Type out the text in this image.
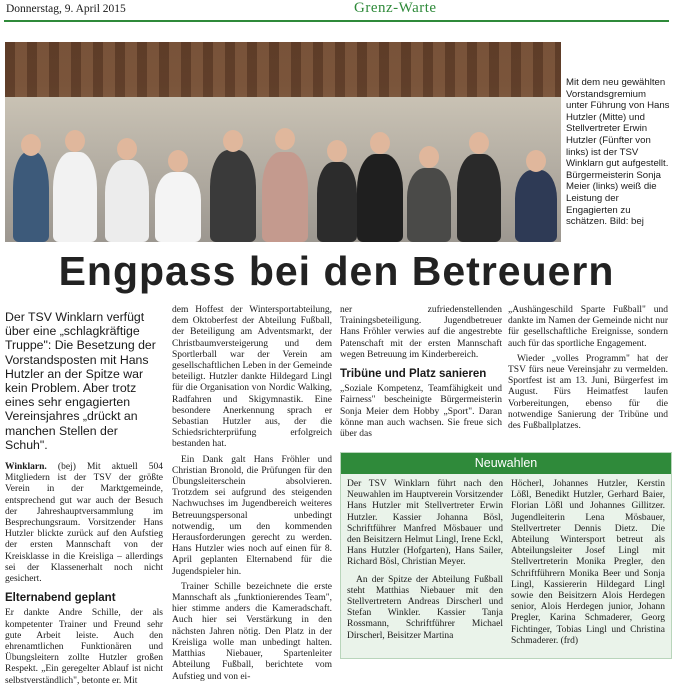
Donnerstag, 9. April 2015	Grenz-Warte
Mit dem neu gewählten Vorstandsgremium unter Führung von Hans Hutzler (Mitte) und Stellvertreter Erwin Hutzler (Fünfter von links) ist der TSV Winklarn gut aufgestellt. Bürgermeisterin Sonja Meier (links) weiß die Leistung der Engagierten zu schätzen. Bild: bej
Engpass bei den Betreuern

Der TSV Winklarn verfügt über eine „schlagkräftige Truppe": Die Besetzung der Vorstandsposten mit Hans Hutzler an der Spitze war kein Problem. Aber trotz eines sehr engagierten Vereinsjahres „drückt an manchen Stellen der Schuh".

Winklarn. (bej) Mit aktuell 504 Mitgliedern ist der TSV der größte Verein in der Marktgemeinde, entsprechend gut war auch der Besuch der Jahreshauptversammlung im Besprechungsraum. Vorsitzender Hans Hutzler blickte zurück auf den Aufstieg der ersten Mannschaft von der Kreisklasse in die Kreisliga – allerdings sei der Klassenerhalt noch nicht gesichert.

Elternabend geplant

Er dankte Andre Schille, der als kompetenter Trainer und Freund sehr gute Arbeit leiste. Auch den ehrenamtlichen Funktionären und Übungsleitern zollte Hutzler großen Respekt. „Ein geregelter Ablauf ist nicht selbstverständlich", betonte er. Mit

dem Hoffest der Wintersportabteilung, dem Oktoberfest der Abteilung Fußball, der Beteiligung am Adventsmarkt, der Christbaumversteigerung und dem Sportlerball war der Verein am gesellschaftlichen Leben in der Gemeinde beteiligt. Hutzler dankte Hildegard Lingl für die Organisation von Nordic Walking, Radfahren und Skigymnastik. Eine besondere Anerkennung sprach er Sebastian Hutzler aus, der die Schiedsrichterprüfung erfolgreich bestanden hat.

Ein Dank galt Hans Fröhler und Christian Bronold, die Prüfungen für den Übungsleiterschein absolvieren. Trotzdem sei aufgrund des steigenden Nachwuchses im Jugendbereich weiteres Betreuungspersonal unbedingt notwendig, um den kommenden Herausforderungen gerecht zu werden. Hans Hutzler wies noch auf einen für 8. April geplanten Elternabend für die Jugendspieler hin.

Trainer Schille bezeichnete die erste Mannschaft als „funktionierendes Team", hier stimme anders die Kameradschaft. Auch hier sei Verstärkung in den nächsten Jahren nötig. Den Platz in der Kreisliga wolle man unbedingt halten. Matthias Niebauer, Spartenleiter Abteilung Fußball, berichtete vom Aufstieg und von ei-

ner zufriedenstellenden Trainingsbeteiligung. Jugendbetreuer Hans Fröhler verwies auf die angestrebte Patenschaft mit der ersten Mannschaft wegen Betreuung im Kinderbereich.

Tribüne und Platz sanieren

„Soziale Kompetenz, Teamfähigkeit und Fairness" bescheinigte Bürgermeisterin Sonja Meier dem Hobby „Sport". Daran könne man auch wachsen. Sie freue sich über das

„Aushängeschild Sparte Fußball" und dankte im Namen der Gemeinde nicht nur für gesellschaftliche Ereignisse, sondern auch für das sportliche Engagement.

Wieder „volles Programm" hat der TSV fürs neue Vereinsjahr zu vermelden. Sportfest ist am 13. Juni, Bürgerfest im August. Fürs Heimatfest laufen Vorbereitungen, ebenso für die notwendige Sanierung der Tribüne und des Fußballplatzes.

Neuwahlen

Der TSV Winklarn führt nach den Neuwahlen im Hauptverein Vorsitzender Hans Hutzler mit Stellvertreter Erwin Hutzler. Kassier Johanna Bösl, Schriftführer Manfred Mösbauer und den Beisitzern Helmut Lingl, Irene Eckl, Hans Hutzler (Hofgarten), Hans Sailer, Richard Bösl, Christian Meyer.

An der Spitze der Abteilung Fußball steht Matthias Niebauer mit den Stellvertretern Andreas Dirscherl und Stefan Winkler. Kassier Tanja Rossmann, Schriftführer Michael Dirscherl, Beisitzer Martina

Höcherl, Johannes Hutzler, Kerstin Lößl, Benedikt Hutzler, Gerhard Baier, Florian Lößl und Johannes Gillitzer. Jugendleiterin Lena Mösbauer, Stellvertreter Dennis Dietz. Die Abteilung Wintersport betreut als Abteilungsleiter Josef Lingl mit Stellvertreterin Monika Pregler, den Schriftführern Monika Beer und Sonja Lingl, Kassiererin Hildegard Lingl sowie den Beisitzern Alois Herdegen senior, Alois Herdegen junior, Johann Pregler, Karina Schmaderer, Georg Fichtinger, Tobias Lingl und Christina Schmaderer. (frd)
